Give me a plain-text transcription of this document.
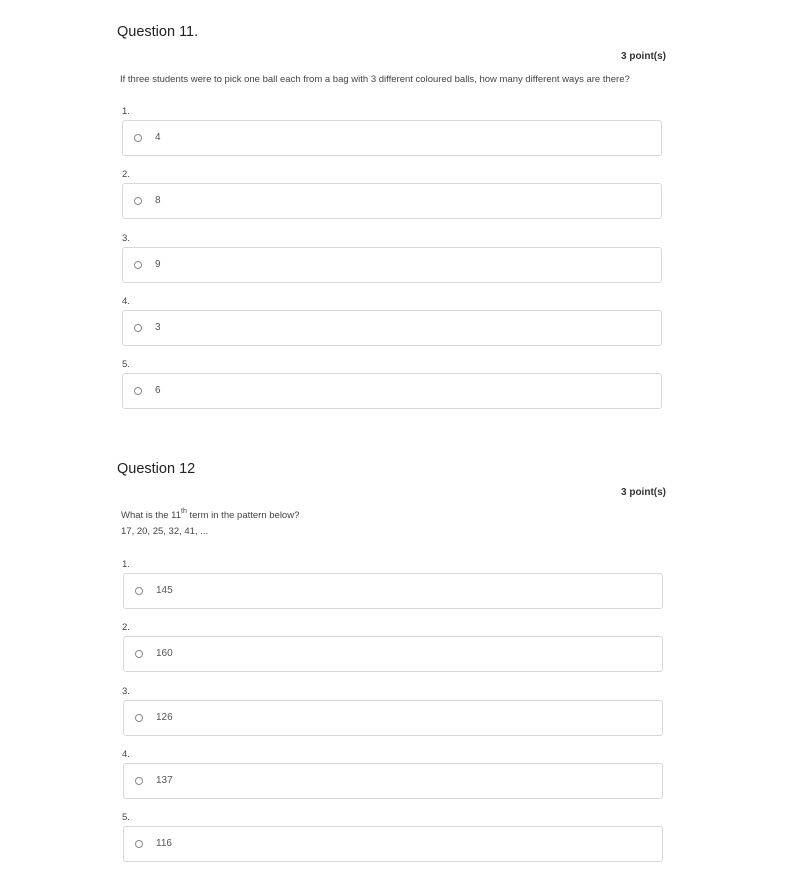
Question 11.
3 point(s)
If three students were to pick one ball each from a bag with 3 different coloured balls, how many different ways are there?
1.
4
2.
8
3.
9
4.
3
5.
6
Question 12
3 point(s)
What is the 11th term in the pattern below?
17, 20, 25, 32, 41, ...
1.
145
2.
160
3.
126
4.
137
5.
116
